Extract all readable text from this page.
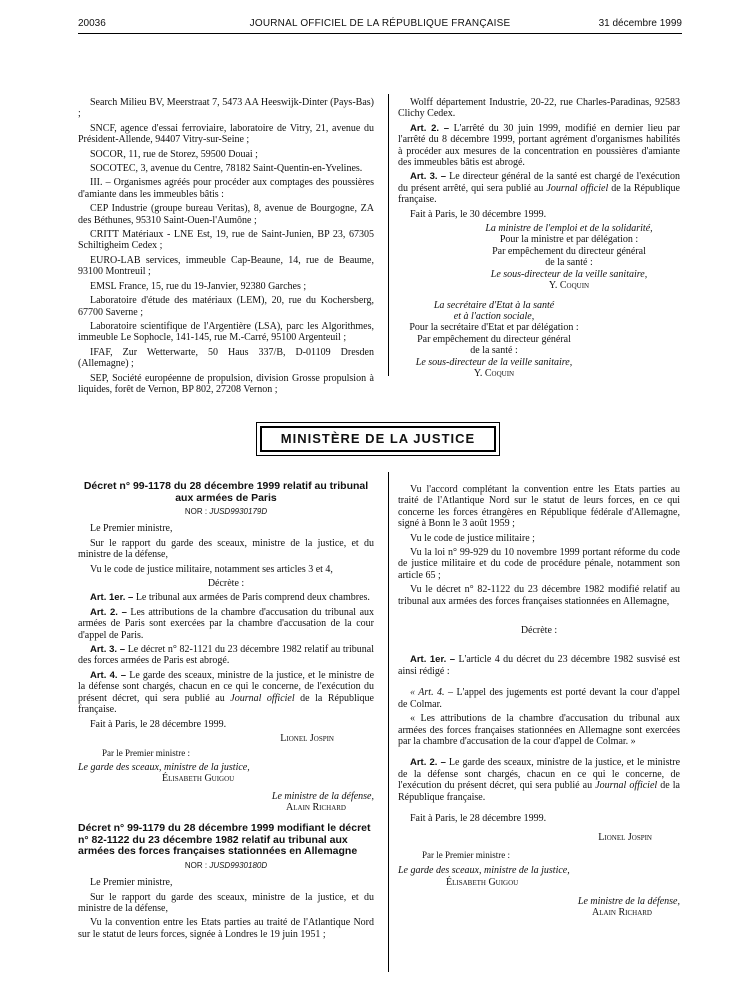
20036	JOURNAL OFFICIEL DE LA RÉPUBLIQUE FRANÇAISE	31 décembre 1999

Search Milieu BV, Meerstraat 7, 5473 AA Heeswijk-Dinter (Pays-Bas) ;

SNCF, agence d'essai ferroviaire, laboratoire de Vitry, 21, avenue du Président-Allende, 94407 Vitry-sur-Seine ;

SOCOR, 11, rue de Storez, 59500 Douai ;

SOCOTEC, 3, avenue du Centre, 78182 Saint-Quentin-en-Yvelines.

III. – Organismes agréés pour procéder aux comptages des poussières d'amiante dans les immeubles bâtis :

CEP Industrie (groupe bureau Veritas), 8, avenue de Bourgogne, ZA des Béthunes, 95310 Saint-Ouen-l'Aumône ;

CRITT Matériaux - LNE Est, 19, rue de Saint-Junien, BP 23, 67305 Schiltigheim Cedex ;

EURO-LAB services, immeuble Cap-Beaune, 14, rue de Beaume, 93100 Montreuil ;

EMSL France, 15, rue du 19-Janvier, 92380 Garches ;

Laboratoire d'étude des matériaux (LEM), 20, rue du Kochersberg, 67700 Saverne ;

Laboratoire scientifique de l'Argentière (LSA), parc les Algorithmes, immeuble Le Sophocle, 141-145, rue M.-Carré, 95100 Argenteuil ;

IFAF, Zur Wetterwarte, 50 Haus 337/B, D-01109 Dresden (Allemagne) ;

SEP, Société européenne de propulsion, division Grosse propulsion à liquides, forêt de Vernon, BP 802, 27208 Vernon ;

Wolff département Industrie, 20-22, rue Charles-Paradinas, 92583 Clichy Cedex.

Art. 2. – L'arrêté du 30 juin 1999, modifié en dernier lieu par l'arrêté du 8 décembre 1999, portant agrément d'organismes habilités à procéder aux mesures de la concentration en poussières d'amiante des immeubles bâtis est abrogé.

Art. 3. – Le directeur général de la santé est chargé de l'exécution du présent arrêté, qui sera publié au Journal officiel de la République française.

Fait à Paris, le 30 décembre 1999.

La ministre de l'emploi et de la solidarité,
Pour la ministre et par délégation :
Par empêchement du directeur général
de la santé :
Le sous-directeur de la veille sanitaire,
Y. Coquin
La secrétaire d'Etat à la santé
et à l'action sociale,
Pour la secrétaire d'Etat et par délégation :
Par empêchement du directeur général
de la santé :
Le sous-directeur de la veille sanitaire,
Y. Coquin
MINISTÈRE DE LA JUSTICE
Décret n° 99-1178 du 28 décembre 1999 relatif au tribunal aux armées de Paris
NOR : JUSD9930179D

Le Premier ministre,

Sur le rapport du garde des sceaux, ministre de la justice, et du ministre de la défense,

Vu le code de justice militaire, notamment ses articles 3 et 4,

Décrète :

Art. 1er. – Le tribunal aux armées de Paris comprend deux chambres.

Art. 2. – Les attributions de la chambre d'accusation du tribunal aux armées de Paris sont exercées par la chambre d'accusation de la cour d'appel de Paris.

Art. 3. – Le décret n° 82-1121 du 23 décembre 1982 relatif au tribunal des forces armées de Paris est abrogé.

Art. 4. – Le garde des sceaux, ministre de la justice, et le ministre de la défense sont chargés, chacun en ce qui le concerne, de l'exécution du présent décret, qui sera publié au Journal officiel de la République française.

Fait à Paris, le 28 décembre 1999.

Lionel Jospin
Par le Premier ministre :
Le garde des sceaux, ministre de la justice,
Élisabeth Guigou
Le ministre de la défense,
Alain Richard
Décret n° 99-1179 du 28 décembre 1999 modifiant le décret n° 82-1122 du 23 décembre 1982 relatif au tribunal aux armées des forces françaises stationnées en Allemagne
NOR : JUSD9930180D

Le Premier ministre,

Sur le rapport du garde des sceaux, ministre de la justice, et du ministre de la défense,

Vu la convention entre les Etats parties au traité de l'Atlantique Nord sur le statut de leurs forces, signée à Londres le 19 juin 1951 ;

Vu l'accord complétant la convention entre les Etats parties au traité de l'Atlantique Nord sur le statut de leurs forces, en ce qui concerne les forces étrangères en République fédérale d'Allemagne, signé à Bonn le 3 août 1959 ;

Vu le code de justice militaire ;

Vu la loi n° 99-929 du 10 novembre 1999 portant réforme du code de justice militaire et du code de procédure pénale, notamment son article 65 ;

Vu le décret n° 82-1122 du 23 décembre 1982 modifié relatif au tribunal aux armées des forces françaises stationnées en Allemagne,

Décrète :

Art. 1er. – L'article 4 du décret du 23 décembre 1982 susvisé est ainsi rédigé :

« Art. 4. – L'appel des jugements est porté devant la cour d'appel de Colmar.

« Les attributions de la chambre d'accusation du tribunal aux armées des forces françaises stationnées en Allemagne sont exercées par la chambre d'accusation de la cour d'appel de Colmar. »

Art. 2. – Le garde des sceaux, ministre de la justice, et le ministre de la défense sont chargés, chacun en ce qui le concerne, de l'exécution du présent décret, qui sera publié au Journal officiel de la République française.

Fait à Paris, le 28 décembre 1999.

Lionel Jospin
Par le Premier ministre :
Le garde des sceaux, ministre de la justice,
Élisabeth Guigou
Le ministre de la défense,
Alain Richard
